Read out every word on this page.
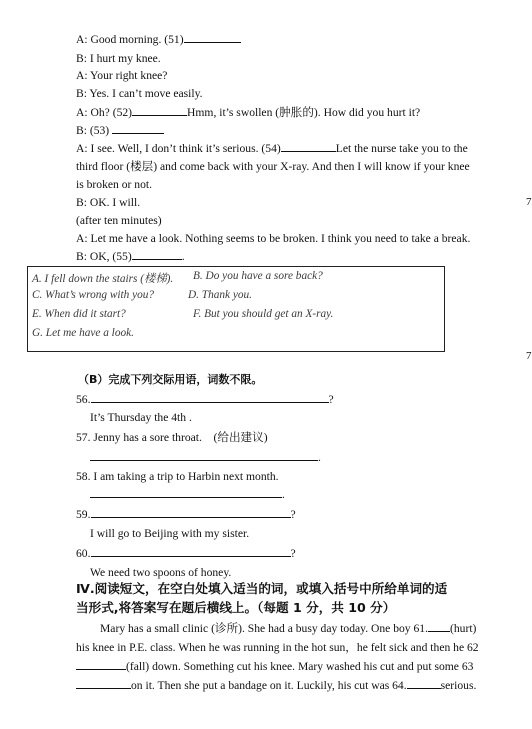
A: Good morning. (51)
B: I hurt my knee.
A: Your right knee?
B: Yes. I can’t move easily.
A: Oh? (52)	Hmm, it’s swollen (肿胀的). How did you hurt it?
B: (53)
A: I see. Well, I don’t think it’s serious. (54)	Let the nurse take you to the
third floor (楼层) and come back with your X-ray. And then I will know if your knee
is broken or not.
B: OK. I will.
(after ten minutes)
A: Let me have a look. Nothing seems to be broken. I think you need to take a break.
B: OK, (55)	.
7
7
A. I fell down the stairs (楼梯). B. Do you have a sore back?
C. What’s wrong with you?	D. Thank you.
E. When did it start?	F. But you should get an X-ray.
G. Let me have a look.
（B）完成下列交际用语，词数不限。
56.	?
It’s Thursday the 4th .
57. Jenny has a sore throat. (给出建议)
.
58. I am taking a trip to Harbin next month.
.
59.	?
I will go to Beijing with my sister.
60.	?
We need two spoons of honey.
Ⅳ.阅读短文，在空白处填入适当的词，或填入括号中所给单词的适
当形式,将答案写在题后横线上。（每题 1 分，共 10 分）
Mary has a small clinic (诊所). She had a busy day today. One boy 61. (hurt)
his knee in P.E. class. When he was running in the hot sun，he felt sick and then he 62
(fall) down. Something cut his knee. Mary washed his cut and put some 63
on it. Then she put a bandage on it. Luckily, his cut was 64.	serious.
